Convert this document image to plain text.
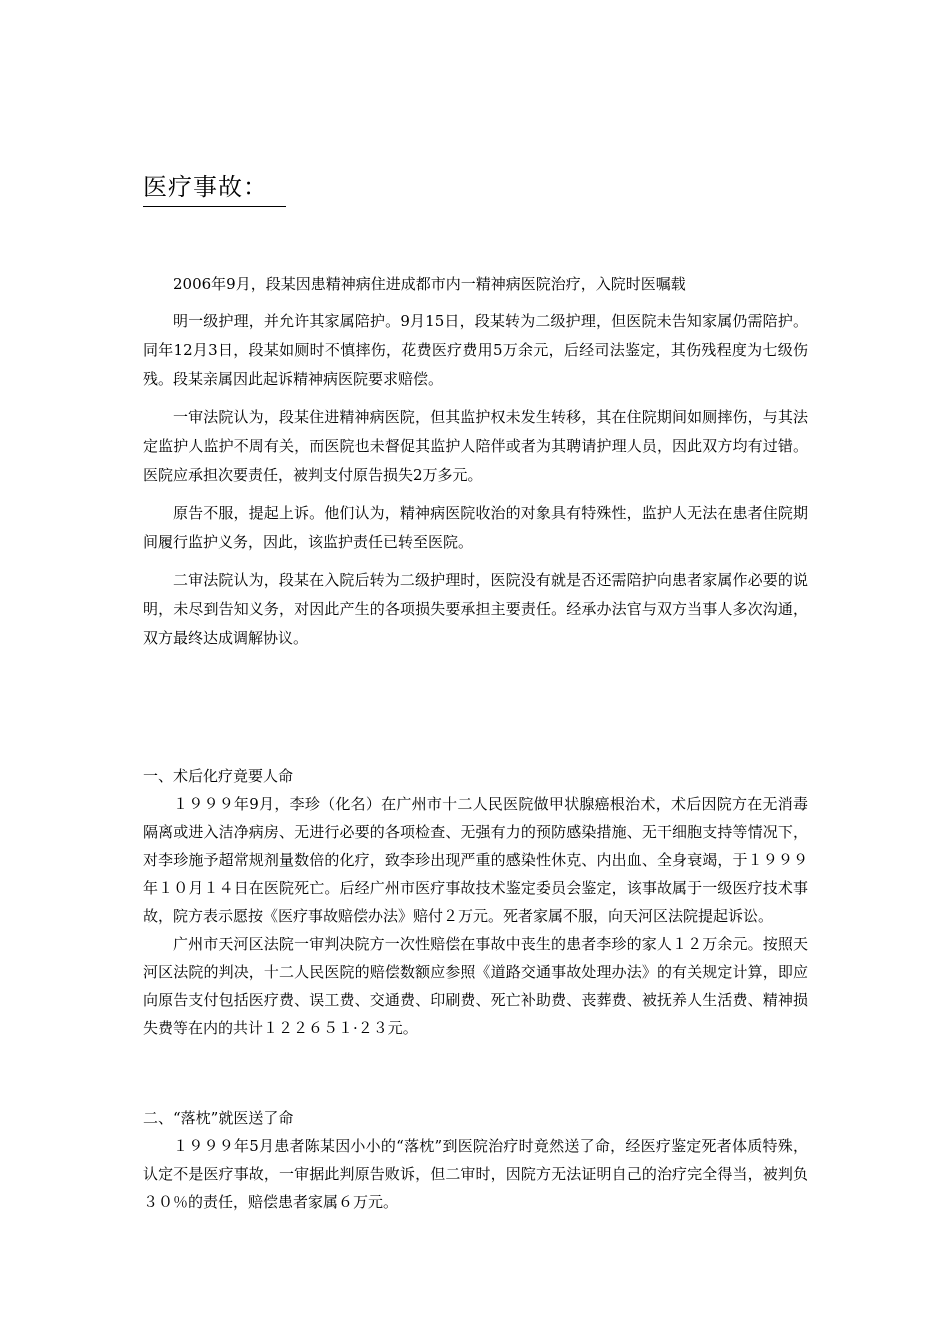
医疗事故：

2006年9月，段某因患精神病住进成都市内一精神病医院治疗，入院时医嘱载

明一级护理，并允许其家属陪护。9月15日，段某转为二级护理，但医院未告知家属仍需陪护。同年12月3日，段某如厕时不慎摔伤，花费医疗费用5万余元，后经司法鉴定，其伤残程度为七级伤残。段某亲属因此起诉精神病医院要求赔偿。

一审法院认为，段某住进精神病医院，但其监护权未发生转移，其在住院期间如厕摔伤，与其法定监护人监护不周有关，而医院也未督促其监护人陪伴或者为其聘请护理人员，因此双方均有过错。医院应承担次要责任，被判支付原告损失2万多元。

原告不服，提起上诉。他们认为，精神病医院收治的对象具有特殊性，监护人无法在患者住院期间履行监护义务，因此，该监护责任已转至医院。

二审法院认为，段某在入院后转为二级护理时，医院没有就是否还需陪护向患者家属作必要的说明，未尽到告知义务，对因此产生的各项损失要承担主要责任。经承办法官与双方当事人多次沟通，双方最终达成调解协议。

一、术后化疗竟要人命

１９９９年9月，李珍（化名）在广州市十二人民医院做甲状腺癌根治术，术后因院方在无消毒隔离或进入洁净病房、无进行必要的各项检查、无强有力的预防感染措施、无干细胞支持等情况下，对李珍施予超常规剂量数倍的化疗，致李珍出现严重的感染性休克、内出血、全身衰竭，于１９９９年１０月１４日在医院死亡。后经广州市医疗事故技术鉴定委员会鉴定，该事故属于一级医疗技术事故，院方表示愿按《医疗事故赔偿办法》赔付２万元。死者家属不服，向天河区法院提起诉讼。

广州市天河区法院一审判决院方一次性赔偿在事故中丧生的患者李珍的家人１２万余元。按照天河区法院的判决，十二人民医院的赔偿数额应参照《道路交通事故处理办法》的有关规定计算，即应向原告支付包括医疗费、误工费、交通费、印刷费、死亡补助费、丧葬费、被抚养人生活费、精神损失费等在内的共计１２２６５１·２３元。

二、“落枕”就医送了命

１９９９年5月患者陈某因小小的“落枕”到医院治疗时竟然送了命，经医疗鉴定死者体质特殊，认定不是医疗事故，一审据此判原告败诉，但二审时，因院方无法证明自己的治疗完全得当，被判负３０％的责任，赔偿患者家属６万元。
